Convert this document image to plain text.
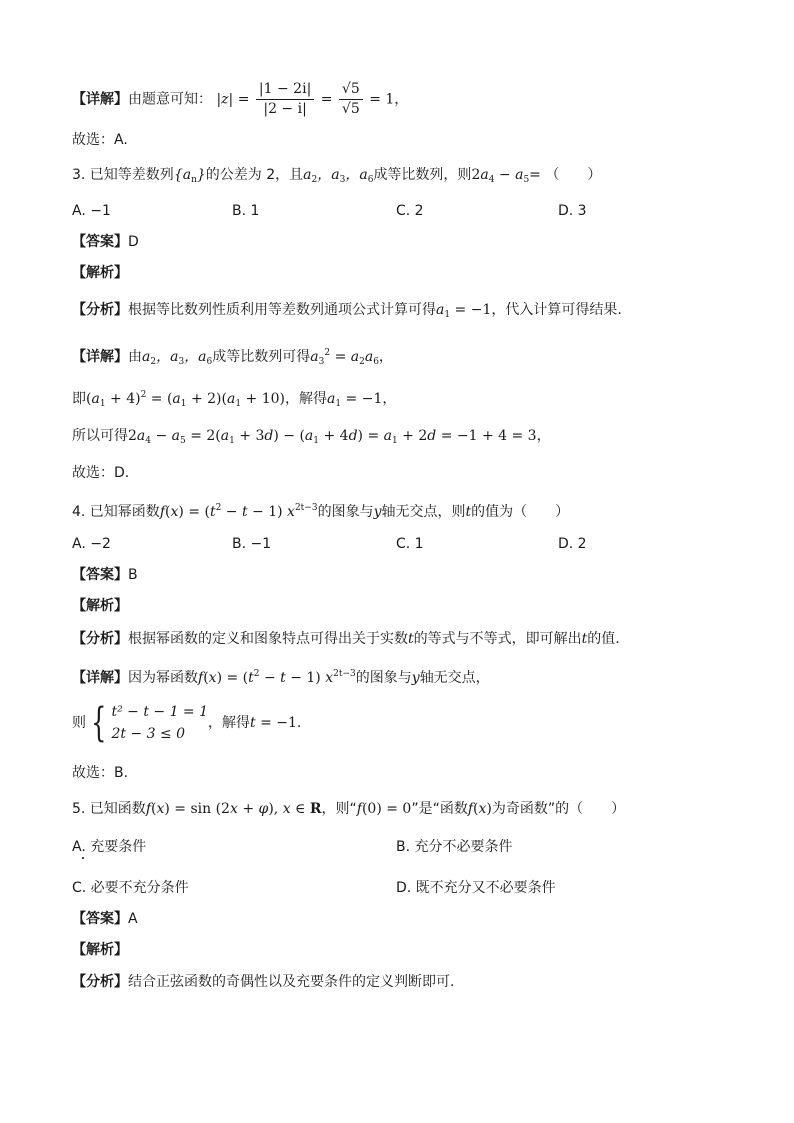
【详解】由题意可知： $|z| = \frac{|1 - 2i|}{|2 - i|} = \frac{√5}{√5} = 1$，
故选：A.
3. 已知等差数列$\{a_n\}$的公差为 2，且$a_2$，$a_3$，$a_6$成等比数列，则$2a_4 - a_5=$ （　　）
A. −1	B. 1	C. 2	D. 3
【答案】D
【解析】
【分析】根据等比数列性质利用等差数列通项公式计算可得$a_1 = -1$，代入计算可得结果.
【详解】由$a_2$，$a_3$，$a_6$成等比数列可得$a_3^2 = a_2a_6$，
即$(a_1 + 4)^2 = (a_1 + 2)(a_1 + 10)$，解得$a_1 = -1$，
所以可得$2a_4 - a_5 = 2(a_1 + 3d) - (a_1 + 4d) = a_1 + 2d = -1 + 4 = 3$，
故选：D.
4. 已知幂函数$f(x) = (t^2 - t - 1)$ $x^{2t-3}$的图象与y轴无交点，则t的值为（　　）
A. −2	B. −1	C. 1	D. 2
【答案】B
【解析】
【分析】根据幂函数的定义和图象特点可得出关于实数t的等式与不等式，即可解出t的值.
【详解】因为幂函数$f(x) = (t^2 - t - 1)$ $x^{2t-3}$的图象与y轴无交点，
则 { t² − t − 1 = 1
2t − 3 ≤ 0
，解得t = −1.
故选：B.
5. 已知函数f(x) = sin (2x + φ), x ∈ R，则“f(0) = 0”是“函数f(x)为奇函数”的（　　）
A. 充要条件	B. 充分不必要条件
C. 必要不充分条件	D. 既不充分又不必要条件
【答案】A
【解析】
【分析】结合正弦函数的奇偶性以及充要条件的定义判断即可.
